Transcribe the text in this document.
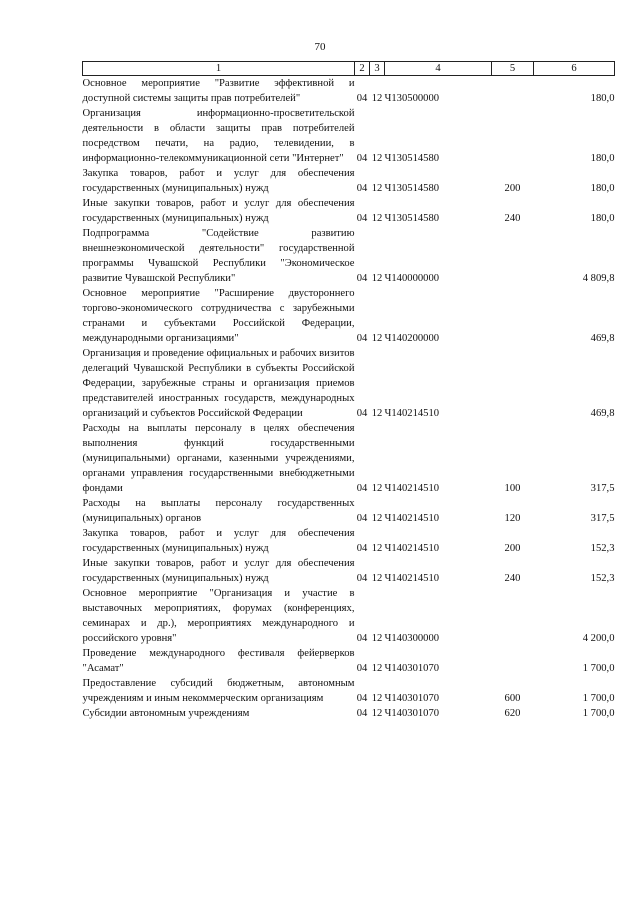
70
1	2	3	4	5	6
Основное мероприятие "Развитие эффективной и доступной системы защиты прав потребителей"	04	12	Ч130500000		180,0
Организация информационно-просветительской деятельности в области защиты прав потребителей посредством печати, на радио, телевидении, в информационно-телекоммуникационной сети "Интернет"	04	12	Ч130514580		180,0
Закупка товаров, работ и услуг для обеспечения государственных (муниципальных) нужд	04	12	Ч130514580	200	180,0
Иные закупки товаров, работ и услуг для обеспечения государственных (муниципальных) нужд	04	12	Ч130514580	240	180,0
Подпрограмма "Содействие развитию внешнеэкономической деятельности" государственной программы Чувашской Республики "Экономическое развитие Чувашской Республики"	04	12	Ч140000000		4 809,8
Основное мероприятие "Расширение двустороннего торгово-экономического сотрудничества с зарубежными странами и субъектами Российской Федерации, международными организациями"	04	12	Ч140200000		469,8
Организация и проведение официальных и рабочих визитов делегаций Чувашской Республики в субъекты Российской Федерации, зарубежные страны и организация приемов представителей иностранных государств, международных организаций и субъектов Российской Федерации	04	12	Ч140214510		469,8
Расходы на выплаты персоналу в целях обеспечения выполнения функций государственными (муниципальными) органами, казенными учреждениями, органами управления государственными внебюджетными фондами	04	12	Ч140214510	100	317,5
Расходы на выплаты персоналу государственных (муниципальных) органов	04	12	Ч140214510	120	317,5
Закупка товаров, работ и услуг для обеспечения государственных (муниципальных) нужд	04	12	Ч140214510	200	152,3
Иные закупки товаров, работ и услуг для обеспечения государственных (муниципальных) нужд	04	12	Ч140214510	240	152,3
Основное мероприятие "Организация и участие в выставочных мероприятиях, форумах (конференциях, семинарах и др.), мероприятиях международного и российского уровня"	04	12	Ч140300000		4 200,0
Проведение международного фестиваля фейерверков "Асамат"	04	12	Ч140301070		1 700,0
Предоставление субсидий бюджетным, автономным учреждениям и иным некоммерческим организациям	04	12	Ч140301070	600	1 700,0
Субсидии автономным учреждениям	04	12	Ч140301070	620	1 700,0
